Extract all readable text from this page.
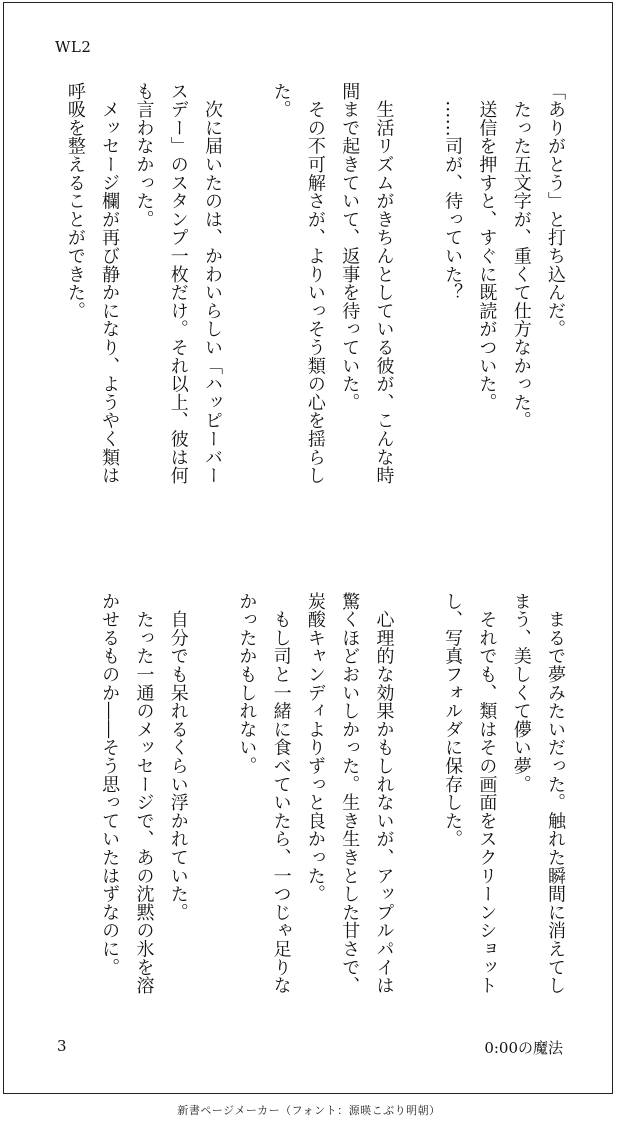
WL2
「ありがとう」と打ち込んだ。
　たった五文字が、重くて仕方なかった。
　送信を押すと、すぐに既読がついた。
　……司が、待っていた？

　生活リズムがきちんとしている彼が、こんな時
間まで起きていて、返事を待っていた。
　その不可解さが、よりいっそう類の心を揺らし
た。

　次に届いたのは、かわいらしい「ハッピーバー
スデー」のスタンプ一枚だけ。それ以上、彼は何
も言わなかった。
　メッセージ欄が再び静かになり、ようやく類は
呼吸を整えることができた。
　まるで夢みたいだった。触れた瞬間に消えてし
まう、美しくて儚い夢。
　それでも、類はその画面をスクリーンショット
し、写真フォルダに保存した。

　心理的な効果かもしれないが、アップルパイは
驚くほどおいしかった。生き生きとした甘さで、
炭酸キャンディよりずっと良かった。
　もし司と一緒に食べていたら、一つじゃ足りな
かったかもしれない。

　自分でも呆れるくらい浮かれていた。
　たった一通のメッセージで、あの沈黙の氷を溶
かせるものか――そう思っていたはずなのに。
3	0:00の魔法
新書ページメーカー（フォント：源暎こぶり明朝）
